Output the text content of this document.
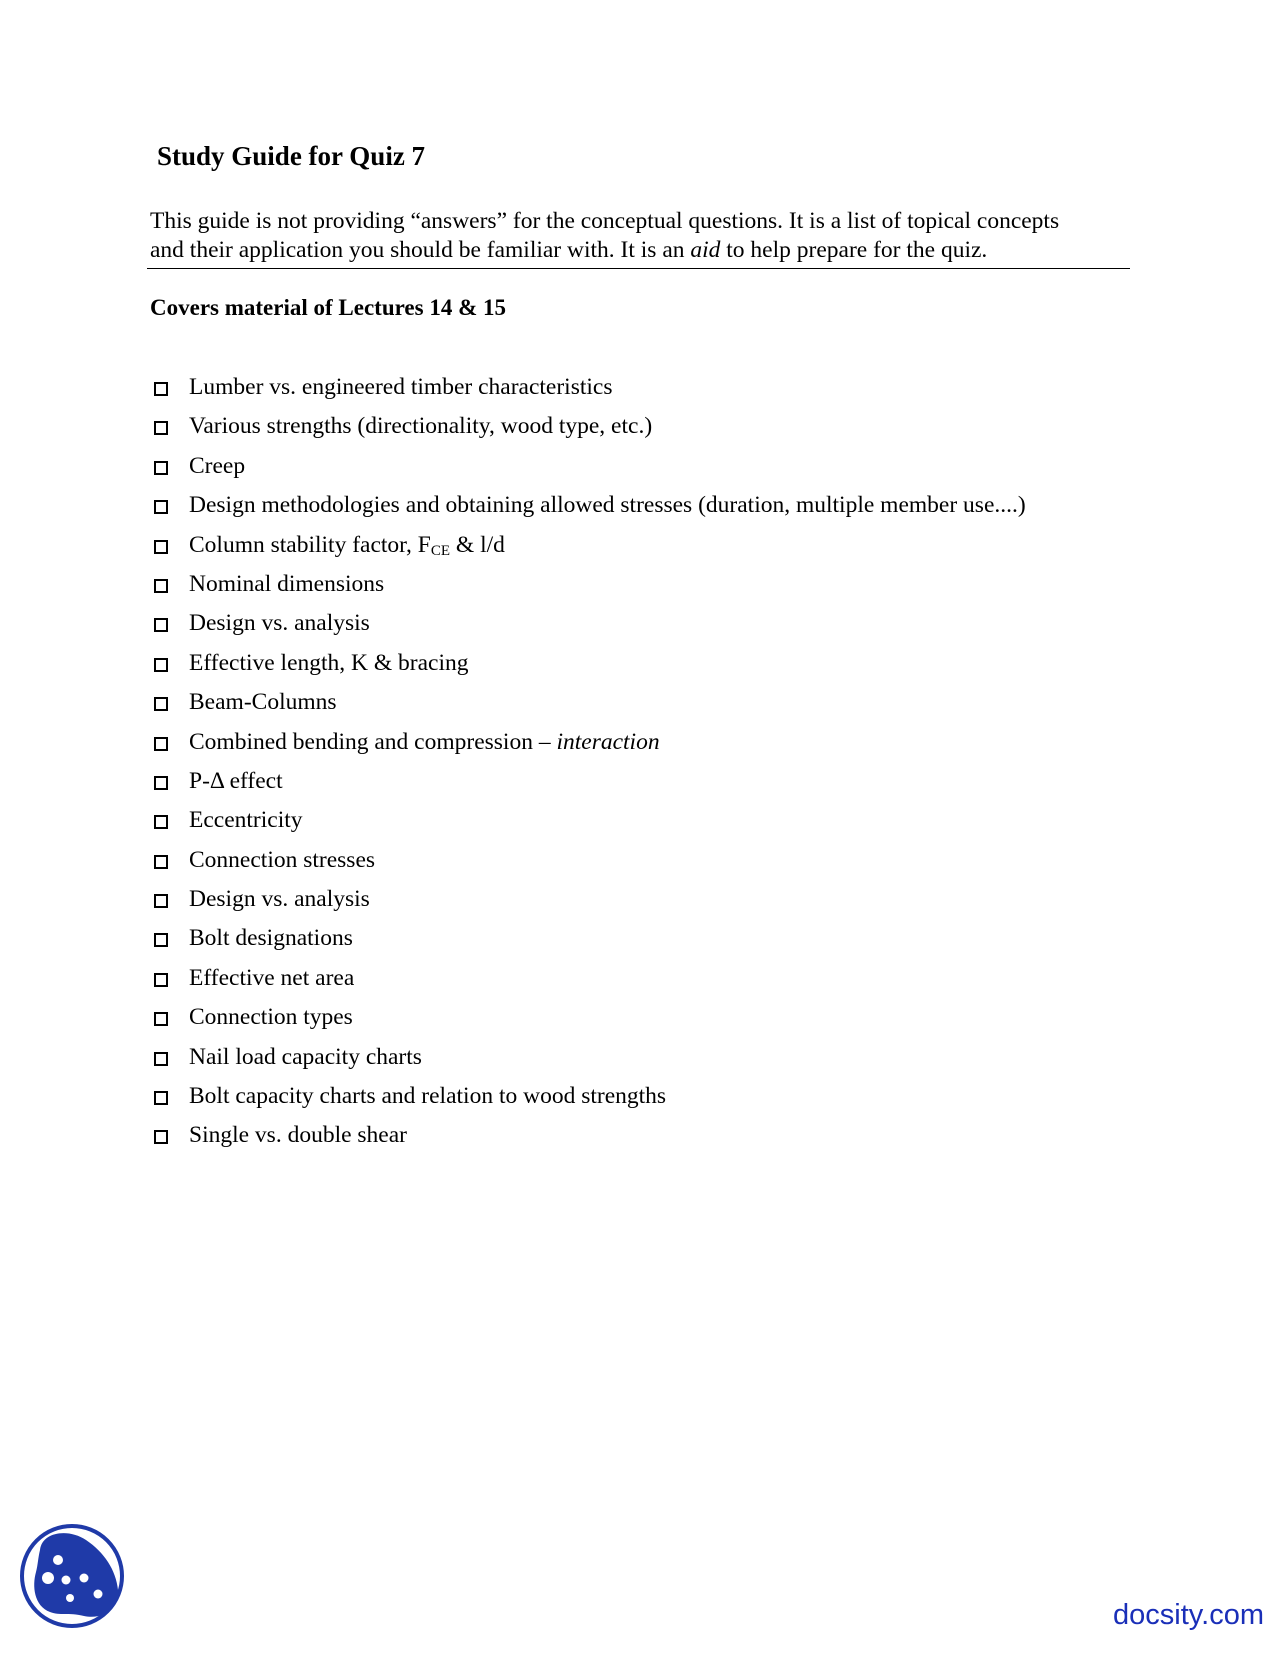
Study Guide for Quiz 7
This guide is not providing “answers” for the conceptual questions. It is a list of topical concepts
and their application you should be familiar with. It is an aid to help prepare for the quiz.
Covers material of Lectures 14 & 15
Lumber vs. engineered timber characteristics
Various strengths (directionality, wood type, etc.)
Creep
Design methodologies and obtaining allowed stresses (duration, multiple member use....)
Column stability factor, $F_{CE}$ & l/d
Nominal dimensions
Design vs. analysis
Effective length, K & bracing
Beam-Columns
Combined bending and compression – interaction
P-Δ effect
Eccentricity
Connection stresses
Design vs. analysis
Bolt designations
Effective net area
Connection types
Nail load capacity charts
Bolt capacity charts and relation to wood strengths
Single vs. double shear
docsity.com
